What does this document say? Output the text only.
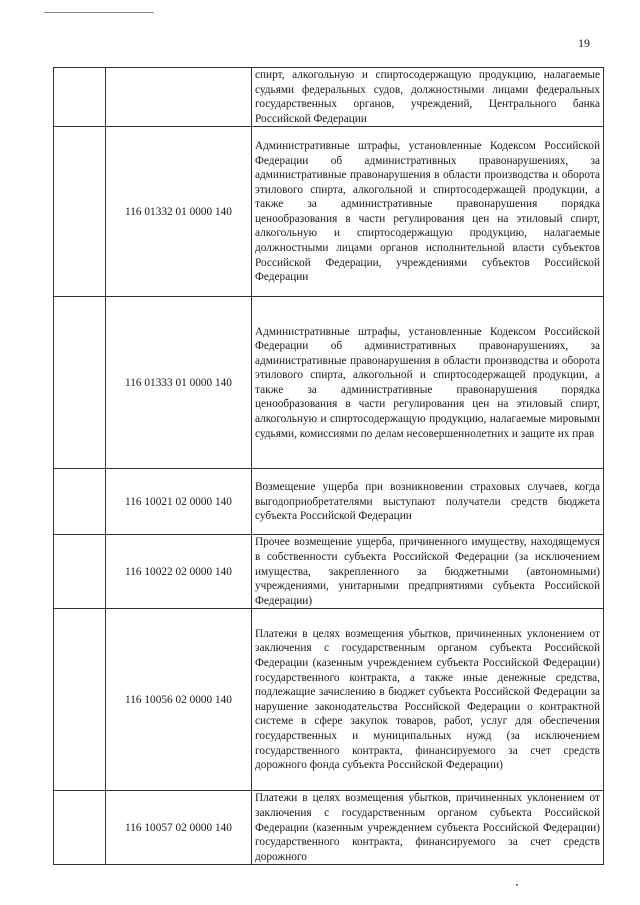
19
		спирт, алкогольную и спиртосодержащую продукцию, налагаемые судьями федеральных судов, должностными лицами федеральных государственных органов, учреждений, Центрального банка Российской Федерации
	116 01332 01 0000 140	Административные штрафы, установленные Кодексом Российской Федерации об административных правонарушениях, за административные правонарушения в области производства и оборота этилового спирта, алкогольной и спиртосодержащей продукции, а также за административные правонарушения порядка ценообразования в части регулирования цен на этиловый спирт, алкогольную и спиртосодержащую продукцию, налагаемые должностными лицами органов исполнительной власти субъектов Российской Федерации, учреждениями субъектов Российской Федерации
	116 01333 01 0000 140	Административные штрафы, установленные Кодексом Российской Федерации об административных правонарушениях, за административные правонарушения в области производства и оборота этилового спирта, алкогольной и спиртосодержащей продукции, а также за административные правонарушения порядка ценообразования в части регулирования цен на этиловый спирт, алкогольную и спиртосодержащую продукцию, налагаемые мировыми судьями, комиссиями по делам несовершеннолетних и защите их прав
	116 10021 02 0000 140	Возмещение ущерба при возникновении страховых случаев, когда выгодоприобретателями выступают получатели средств бюджета субъекта Российской Федерации
	116 10022 02 0000 140	Прочее возмещение ущерба, причиненного имуществу, находящемуся в собственности субъекта Российской Федерации (за исключением имущества, закрепленного за бюджетными (автономными) учреждениями, унитарными предприятиями субъекта Российской Федерации)
	116 10056 02 0000 140	Платежи в целях возмещения убытков, причиненных уклонением от заключения с государственным органом субъекта Российской Федерации (казенным учреждением субъекта Российской Федерации) государственного контракта, а также иные денежные средства, подлежащие зачислению в бюджет субъекта Российской Федерации за нарушение законодательства Российской Федерации о контрактной системе в сфере закупок товаров, работ, услуг для обеспечения государственных и муниципальных нужд (за исключением государственного контракта, финансируемого за счет средств дорожного фонда субъекта Российской Федерации)
	116 10057 02 0000 140	Платежи в целях возмещения убытков, причиненных уклонением от заключения с государственным органом субъекта Российской Федерации (казенным учреждением субъекта Российской Федерации) государственного контракта, финансируемого за счет средств дорожного
